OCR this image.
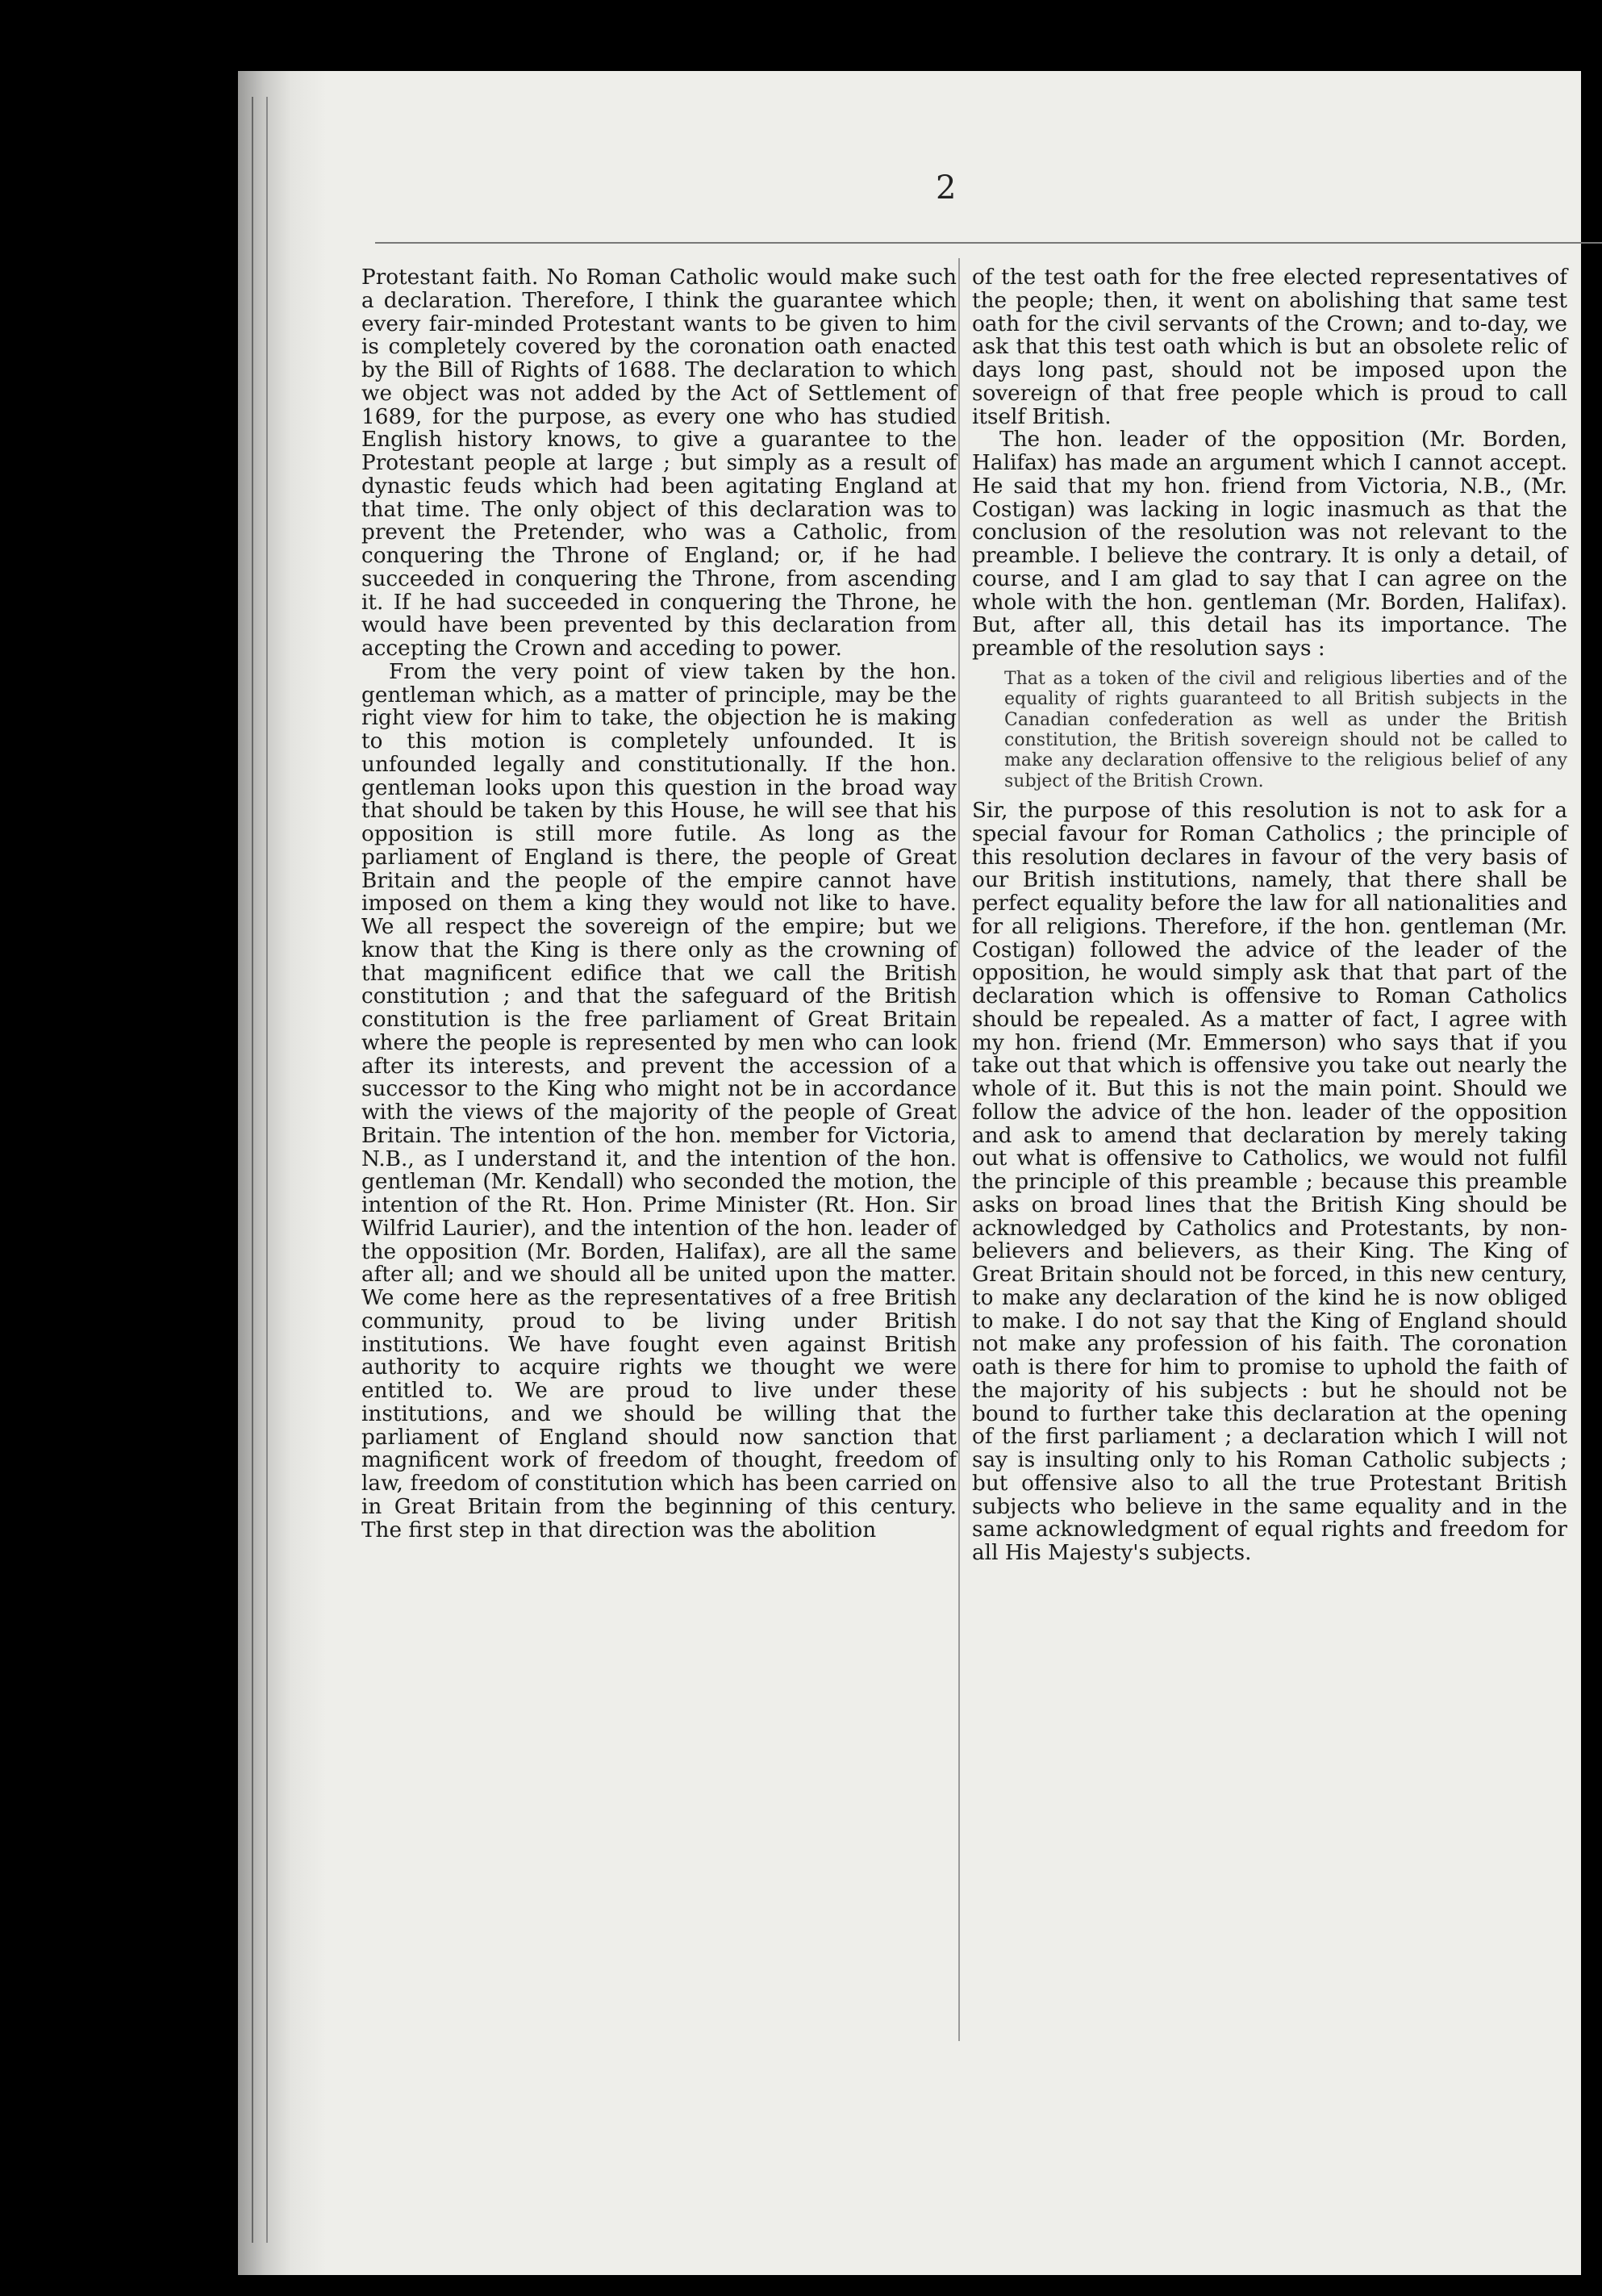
2

Protestant faith. No Roman Catholic would make such a declaration. Therefore, I think the guarantee which every fair-minded Protestant wants to be given to him is completely covered by the coronation oath enacted by the Bill of Rights of 1688. The declaration to which we object was not added by the Act of Settlement of 1689, for the purpose, as every one who has studied English history knows, to give a guarantee to the Protestant people at large ; but simply as a result of dynastic feuds which had been agitating England at that time. The only object of this declaration was to prevent the Pretender, who was a Catholic, from conquering the Throne of England; or, if he had succeeded in conquering the Throne, from ascending it. If he had succeeded in conquering the Throne, he would have been prevented by this declaration from accepting the Crown and acceding to power.

From the very point of view taken by the hon. gentleman which, as a matter of principle, may be the right view for him to take, the objection he is making to this motion is completely unfounded. It is unfounded legally and constitutionally. If the hon. gentleman looks upon this question in the broad way that should be taken by this House, he will see that his opposition is still more futile. As long as the parliament of England is there, the people of Great Britain and the people of the empire cannot have imposed on them a king they would not like to have. We all respect the sovereign of the empire; but we know that the King is there only as the crowning of that magnificent edifice that we call the British constitution ; and that the safeguard of the British constitution is the free parliament of Great Britain where the people is represented by men who can look after its interests, and prevent the accession of a successor to the King who might not be in accordance with the views of the majority of the people of Great Britain. The intention of the hon. member for Victoria, N.B., as I understand it, and the intention of the hon. gentleman (Mr. Kendall) who seconded the motion, the intention of the Rt. Hon. Prime Minister (Rt. Hon. Sir Wilfrid Laurier), and the intention of the hon. leader of the opposition (Mr. Borden, Halifax), are all the same after all; and we should all be united upon the matter. We come here as the representatives of a free British community, proud to be living under British institutions. We have fought even against British authority to acquire rights we thought we were entitled to. We are proud to live under these institutions, and we should be willing that the parliament of England should now sanction that magnificent work of freedom of thought, freedom of law, freedom of constitution which has been carried on in Great Britain from the beginning of this century. The first step in that direction was the abolition

of the test oath for the free elected representatives of the people; then, it went on abolishing that same test oath for the civil servants of the Crown; and to-day, we ask that this test oath which is but an obsolete relic of days long past, should not be imposed upon the sovereign of that free people which is proud to call itself British.

The hon. leader of the opposition (Mr. Borden, Halifax) has made an argument which I cannot accept. He said that my hon. friend from Victoria, N.B., (Mr. Costigan) was lacking in logic inasmuch as that the conclusion of the resolution was not relevant to the preamble. I believe the contrary. It is only a detail, of course, and I am glad to say that I can agree on the whole with the hon. gentleman (Mr. Borden, Halifax). But, after all, this detail has its importance. The preamble of the resolution says :

That as a token of the civil and religious liberties and of the equality of rights guaranteed to all British subjects in the Canadian confederation as well as under the British constitution, the British sovereign should not be called to make any declaration offensive to the religious belief of any subject of the British Crown.

Sir, the purpose of this resolution is not to ask for a special favour for Roman Catholics ; the principle of this resolution declares in favour of the very basis of our British institutions, namely, that there shall be perfect equality before the law for all nationalities and for all religions. Therefore, if the hon. gentleman (Mr. Costigan) followed the advice of the leader of the opposition, he would simply ask that that part of the declaration which is offensive to Roman Catholics should be repealed. As a matter of fact, I agree with my hon. friend (Mr. Emmerson) who says that if you take out that which is offensive you take out nearly the whole of it. But this is not the main point. Should we follow the advice of the hon. leader of the opposition and ask to amend that declaration by merely taking out what is offensive to Catholics, we would not fulfil the principle of this preamble ; because this preamble asks on broad lines that the British King should be acknowledged by Catholics and Protestants, by non-believers and believers, as their King. The King of Great Britain should not be forced, in this new century, to make any declaration of the kind he is now obliged to make. I do not say that the King of England should not make any profession of his faith. The coronation oath is there for him to promise to uphold the faith of the majority of his subjects : but he should not be bound to further take this declaration at the opening of the first parliament ; a declaration which I will not say is insulting only to his Roman Catholic subjects ; but offensive also to all the true Protestant British subjects who believe in the same equality and in the same acknowledgment of equal rights and freedom for all His Majesty's subjects.
